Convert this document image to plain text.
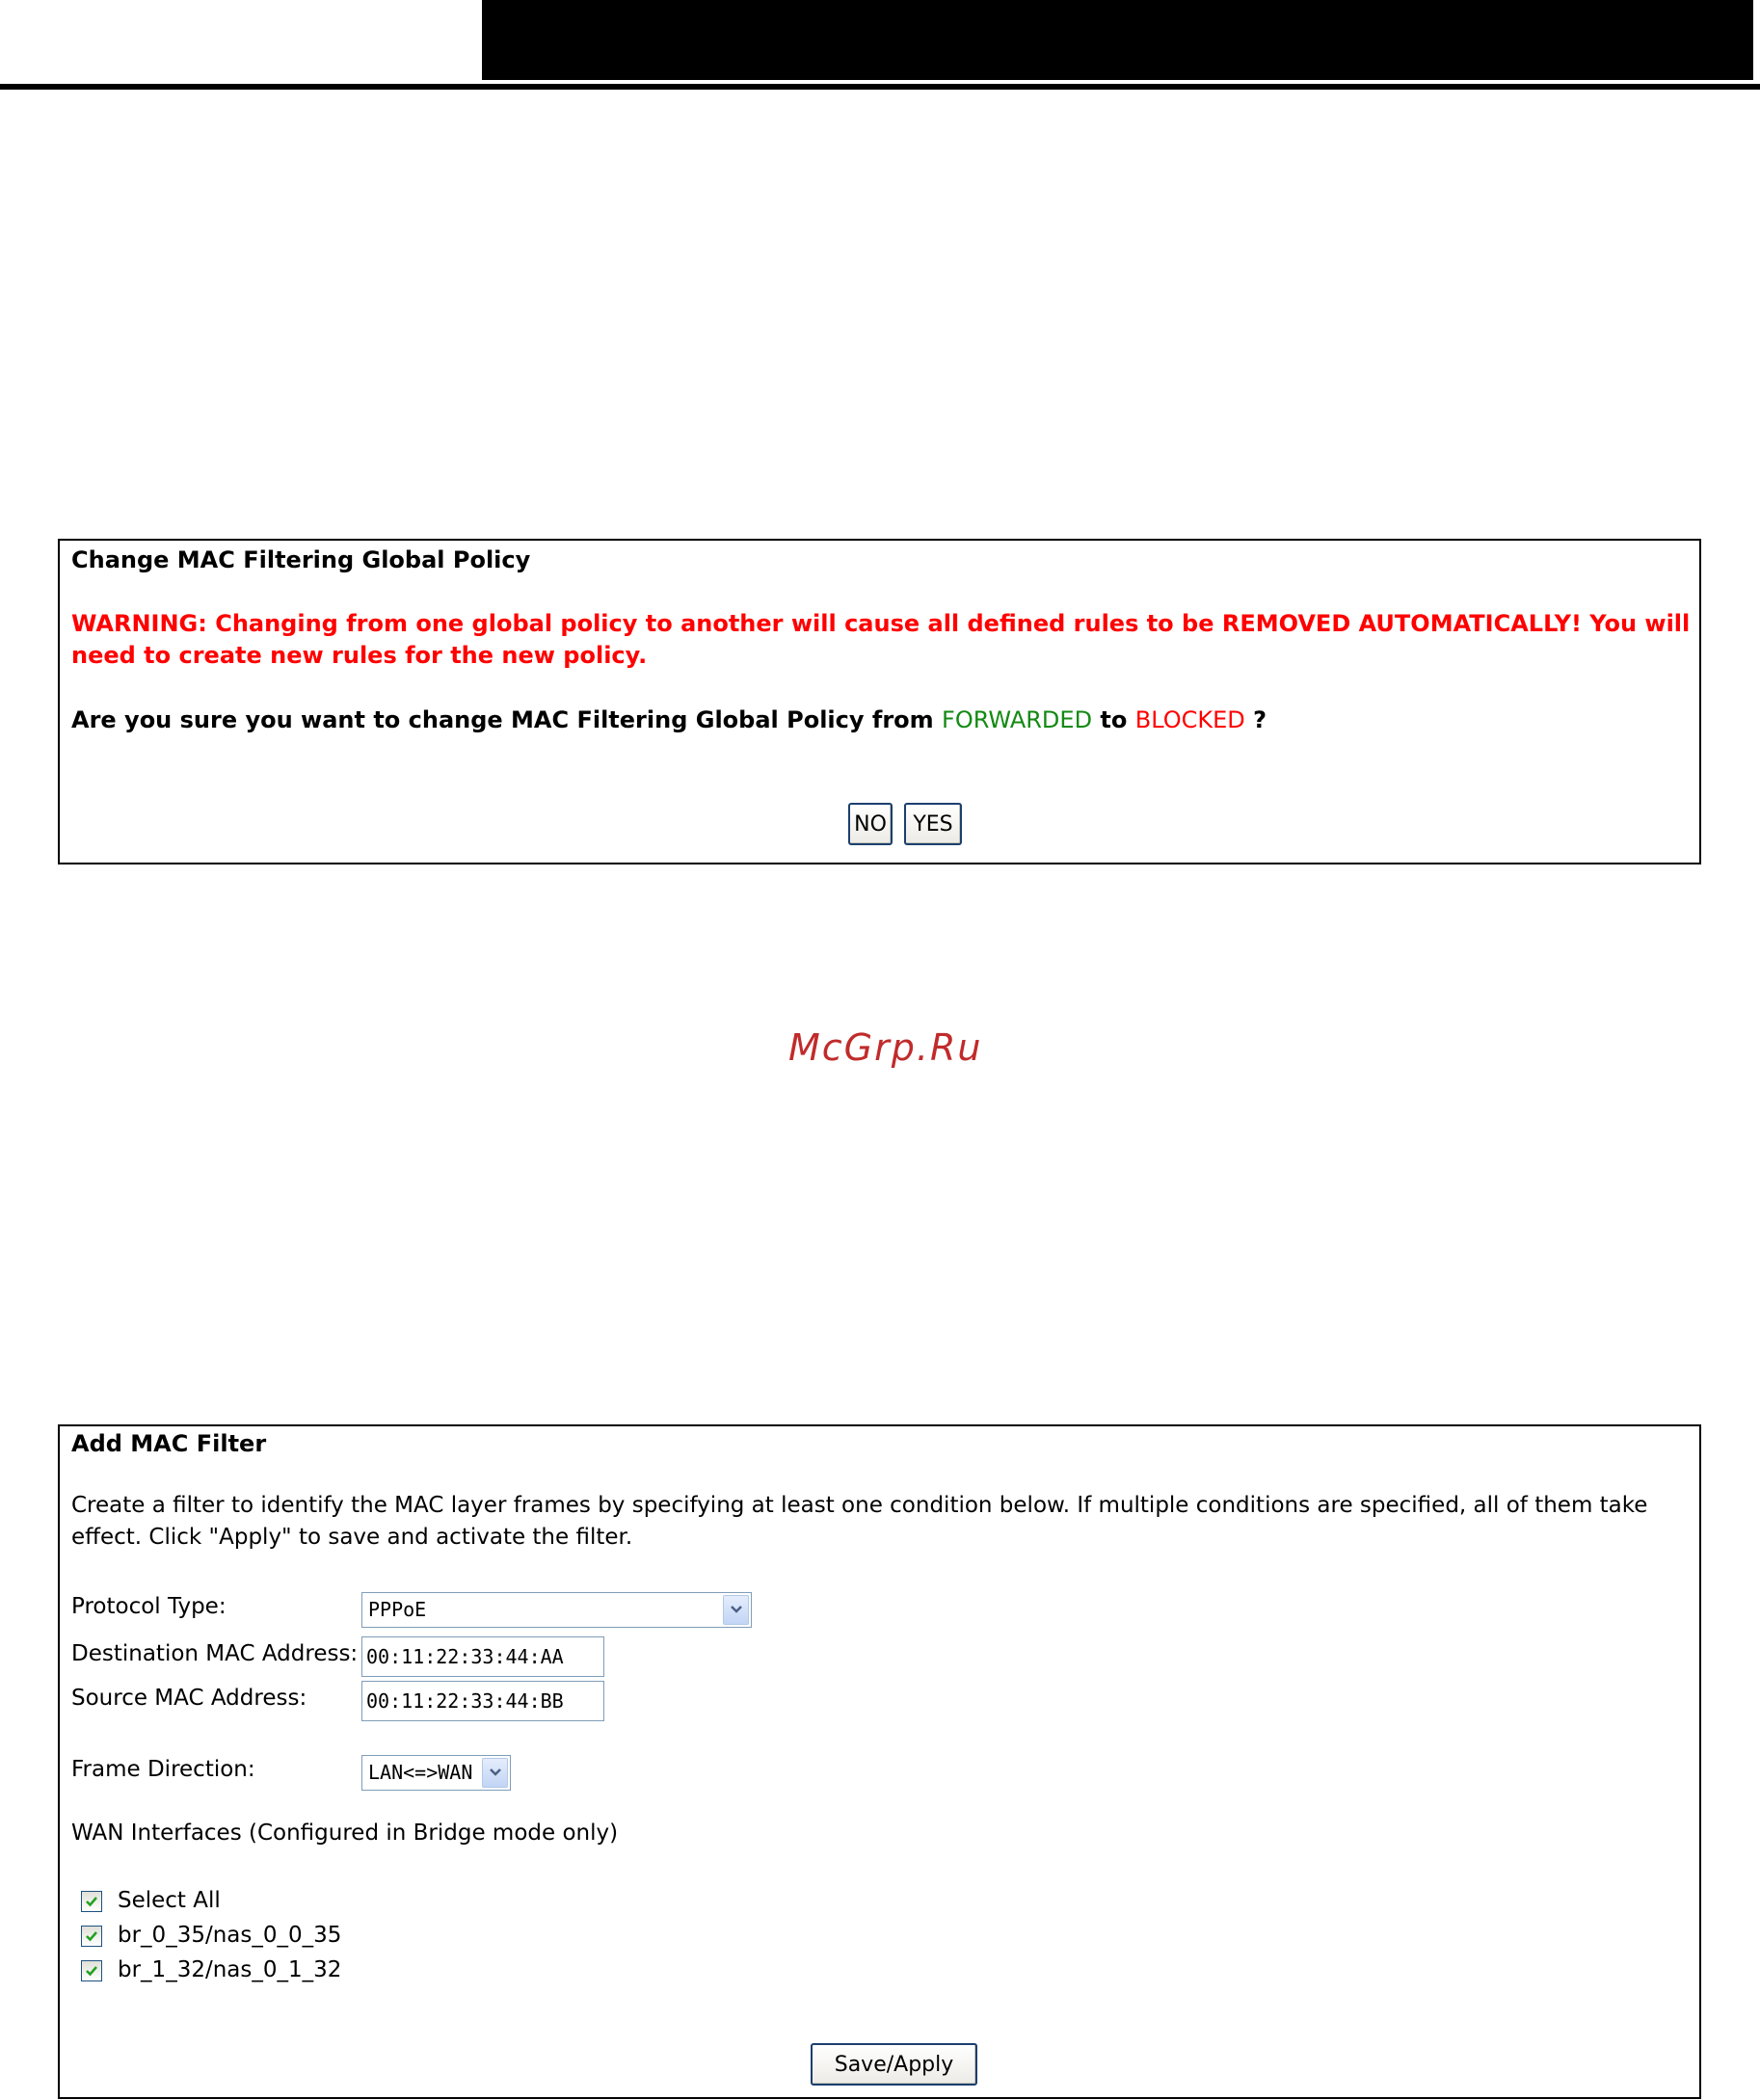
Change MAC Filtering Global Policy
WARNING: Changing from one global policy to another will cause all defined rules to be REMOVED AUTOMATICALLY! You will need to create new rules for the new policy.
Are you sure you want to change MAC Filtering Global Policy from FORWARDED to BLOCKED ?
NO	YES
McGrp.Ru
Add MAC Filter
Create a filter to identify the MAC layer frames by specifying at least one condition below. If multiple conditions are specified, all of them take effect. Click "Apply" to save and activate the filter.
Protocol Type:	PPPoE
Destination MAC Address:
00:11:22:33:44:AA
Source MAC Address:
00:11:22:33:44:BB
Frame Direction:	LAN<=>WAN
WAN Interfaces (Configured in Bridge mode only)
Select All
br_0_35/nas_0_0_35
br_1_32/nas_0_1_32
Save/Apply
